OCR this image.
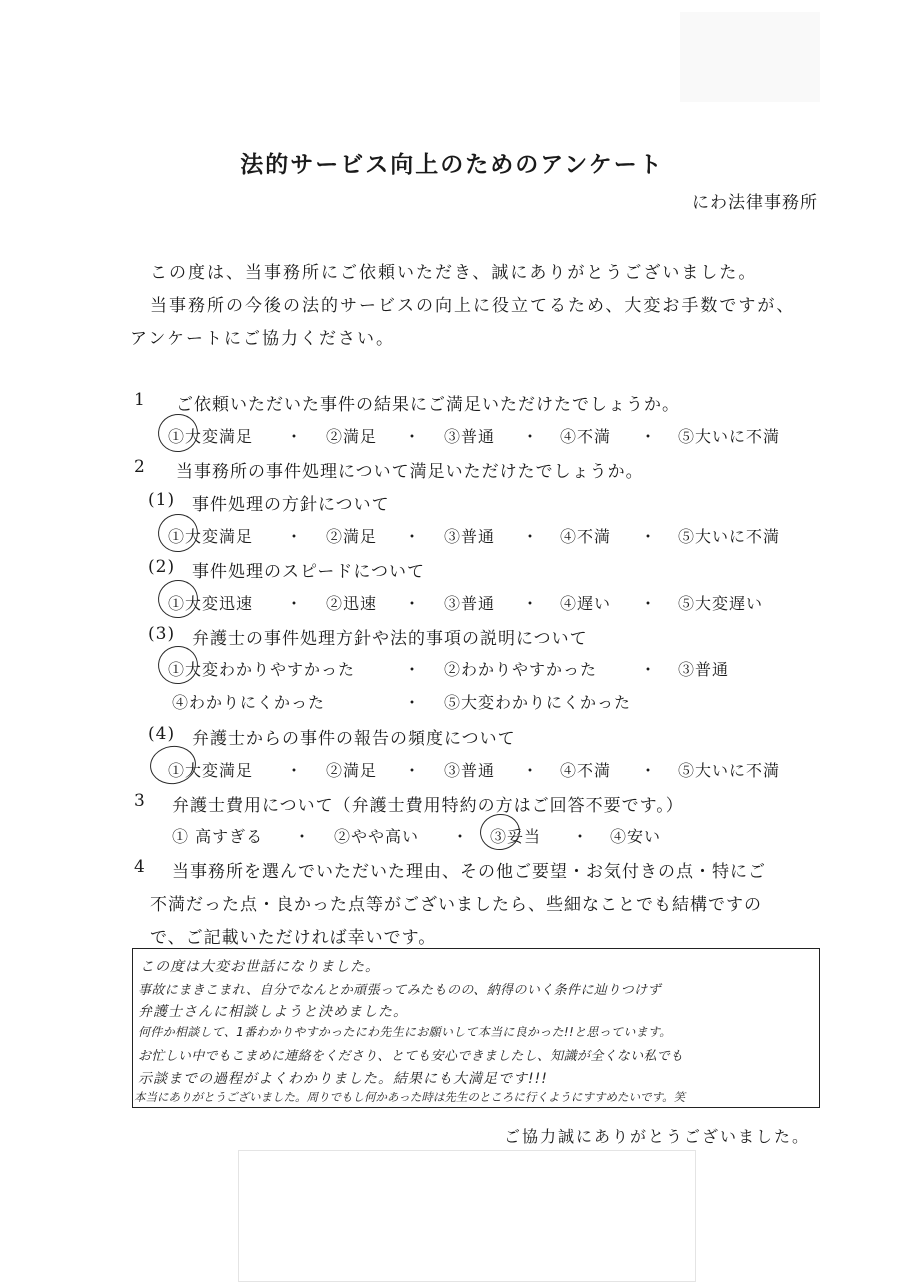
法的サービス向上のためのアンケート
にわ法律事務所
この度は、当事務所にご依頼いただき、誠にありがとうございました。
当事務所の今後の法的サービスの向上に役立てるため、大変お手数ですが、
アンケートにご協力ください。
1 ご依頼いただいた事件の結果にご満足いただけたでしょうか。
①大変満足 ・ ②満足 ・ ③普通 ・ ④不満 ・ ⑤大いに不満
2 当事務所の事件処理について満足いただけたでしょうか。
(1) 事件処理の方針について
①大変満足 ・ ②満足 ・ ③普通 ・ ④不満 ・ ⑤大いに不満
(2) 事件処理のスピードについて
①大変迅速 ・ ②迅速 ・ ③普通 ・ ④遅い ・ ⑤大変遅い
(3) 弁護士の事件処理方針や法的事項の説明について
①大変わかりやすかった	・ ②わかりやすかった	・ ③普通
④わかりにくかった	・ ⑤大変わかりにくかった
(4) 弁護士からの事件の報告の頻度について
①大変満足 ・ ②満足 ・ ③普通 ・ ④不満 ・ ⑤大いに不満
3 弁護士費用について（弁護士費用特約の方はご回答不要です。）
① 高すぎる ・ ②やや高い ・ ③妥当 ・ ④安い
4 当事務所を選んでいただいた理由、その他ご要望・お気付きの点・特にご
不満だった点・良かった点等がございましたら、些細なことでも結構ですの
で、ご記載いただければ幸いです。
この度は大変お世話になりました。
事故にまきこまれ、自分でなんとか頑張ってみたものの、納得のいく条件に辿りつけず
弁護士さんに相談しようと決めました。
何件か相談して、1番わかりやすかったにわ先生にお願いして本当に良かった!!と思っています。
お忙しい中でもこまめに連絡をくださり、とても安心できましたし、知識が全くない私でも
示談までの過程がよくわかりました。結果にも大満足です!!!
本当にありがとうございました。周りでもし何かあった時は先生のところに行くようにすすめたいです。笑
ご協力誠にありがとうございました。
